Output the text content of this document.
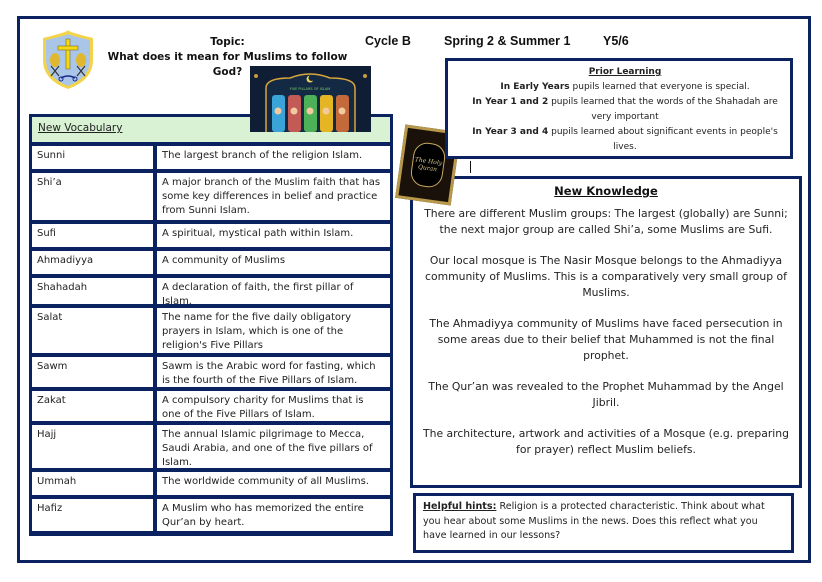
Topic:
What does it mean for Muslims to follow God?
Cycle B	Spring 2 & Summer 1	Y5/6
FIVE PILLARS OF ISLAM
New Vocabulary
Sunni	The largest branch of the religion Islam.
Shi’a	A major branch of the Muslim faith that has some key differences in belief and practice from Sunni Islam.
Sufi	A spiritual, mystical path within Islam.
Ahmadiyya	A community of Muslims
Shahadah	A declaration of faith, the first pillar of Islam.
Salat	The name for the five daily obligatory prayers in Islam, which is one of the religion's Five Pillars
Sawm	Sawm is the Arabic word for fasting, which is the fourth of the Five Pillars of Islam.
Zakat	A compulsory charity for Muslims that is one of the Five Pillars of Islam.
Hajj	The annual Islamic pilgrimage to Mecca, Saudi Arabia, and one of the five pillars of Islam.
Ummah	The worldwide community of all Muslims.
Hafiz	A Muslim who has memorized the entire Qur’an by heart.
The Holy Quran
Prior Learning
In Early Years pupils learned that everyone is special.
In Year 1 and 2 pupils learned that the words of the Shahadah are very important
In Year 3 and 4 pupils learned about significant events in people's lives.
New Knowledge

There are different Muslim groups: The largest (globally) are Sunni; the next major group are called Shi’a, some Muslims are Sufi.

Our local mosque is The Nasir Mosque belongs to the Ahmadiyya community of Muslims. This is a comparatively very small group of Muslims.

The Ahmadiyya community of Muslims have faced persecution in some areas due to their belief that Muhammed is not the final prophet.

The Qur’an was revealed to the Prophet Muhammad by the Angel Jibril.

The architecture, artwork and activities of a Mosque (e.g. preparing for prayer) reflect Muslim beliefs.

Helpful hints: Religion is a protected characteristic. Think about what you hear about some Muslims in the news. Does this reflect what you have learned in our lessons?
